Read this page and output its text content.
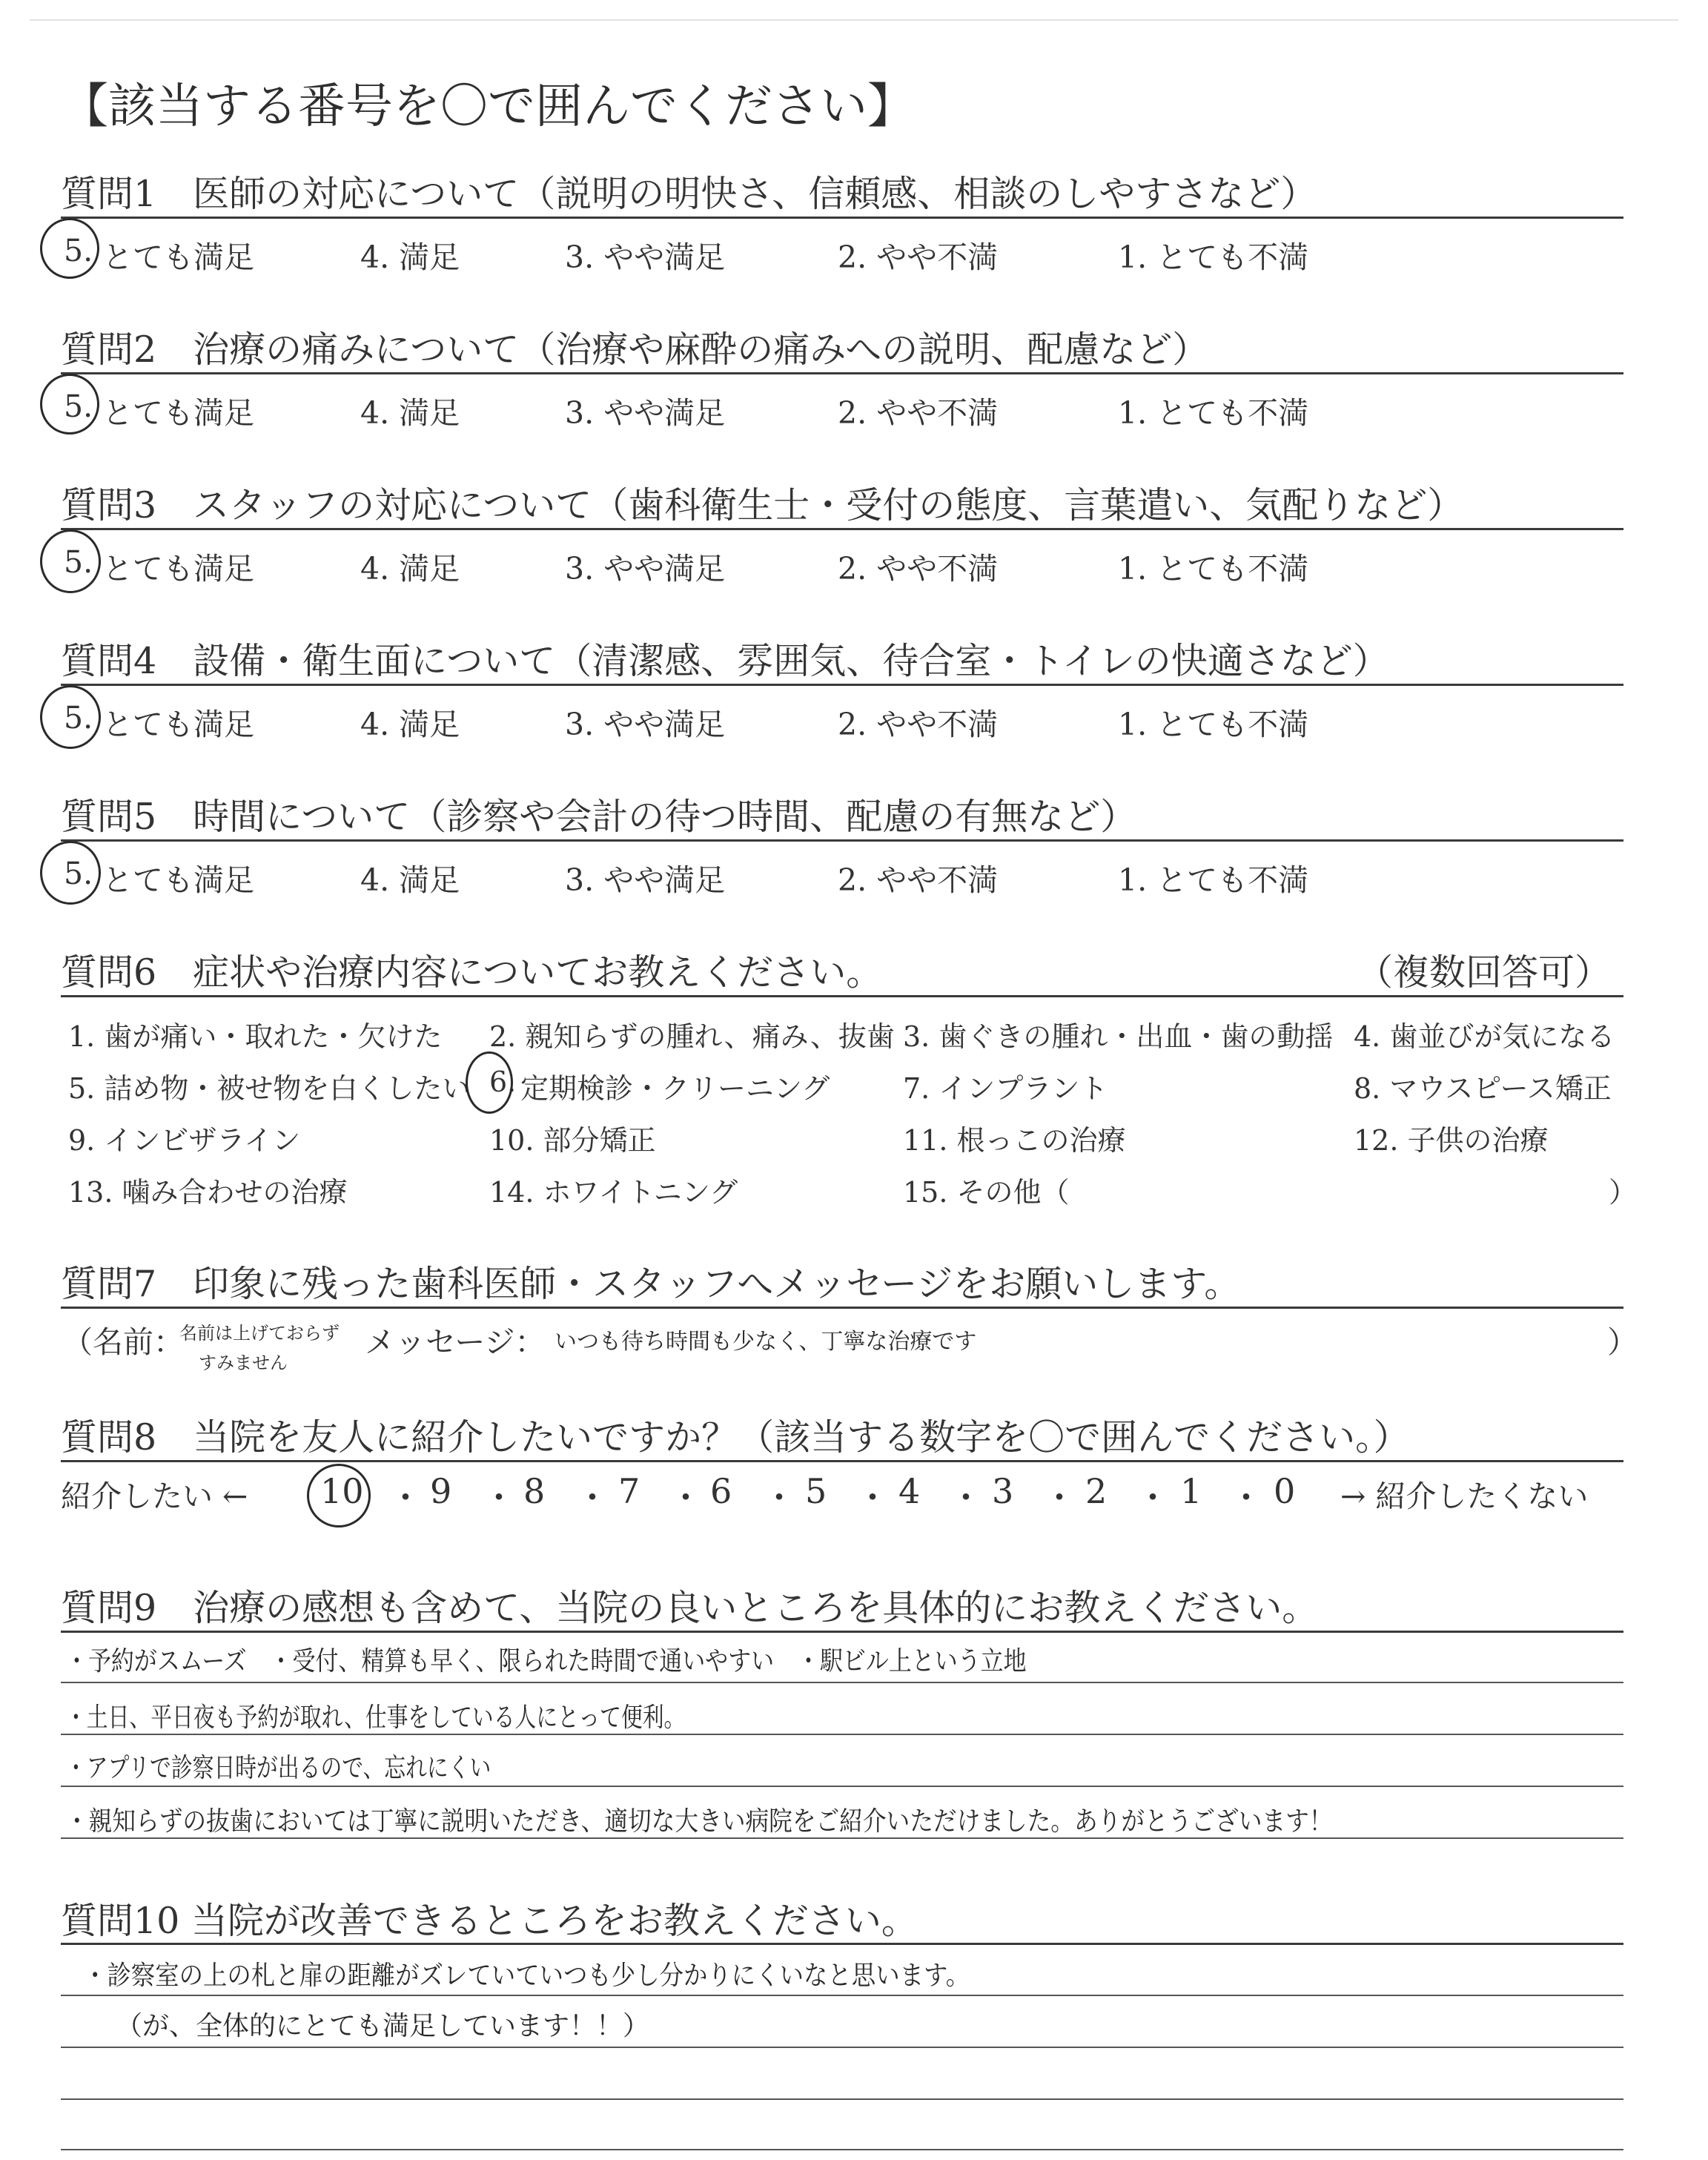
【該当する番号を〇で囲んでください】
質問1　医師の対応について（説明の明快さ、信頼感、相談のしやすさなど）
5. とても満足	4. 満足	3. やや満足	2. やや不満	1. とても不満
質問2　治療の痛みについて（治療や麻酔の痛みへの説明、配慮など）
5. とても満足	4. 満足	3. やや満足	2. やや不満	1. とても不満
質問3　スタッフの対応について（歯科衛生士・受付の態度、言葉遣い、気配りなど）
5. とても満足	4. 満足	3. やや満足	2. やや不満	1. とても不満
質問4　設備・衛生面について（清潔感、雰囲気、待合室・トイレの快適さなど）
5. とても満足	4. 満足	3. やや満足	2. やや不満	1. とても不満
質問5　時間について（診察や会計の待つ時間、配慮の有無など）
5. とても満足	4. 満足	3. やや満足	2. やや不満	1. とても不満
質問6　症状や治療内容についてお教えください。	（複数回答可）
1. 歯が痛い・取れた・欠けた 2. 親知らずの腫れ、痛み、抜歯 3. 歯ぐきの腫れ・出血・歯の動揺 4. 歯並びが気になる
5. 詰め物・被せ物を白くしたい 6. 定期検診・クリーニング	7. インプラント	8. マウスピース矯正
9. インビザライン	10. 部分矯正	11. 根っこの治療	12. 子供の治療
13. 噛み合わせの治療	14. ホワイトニング	15. その他（	）
質問7　印象に残った歯科医師・スタッフへメッセージをお願いします。
（名前：
名前は上げておらず
すみません
メッセージ： いつも待ち時間も少なく、丁寧な治療です	）
質問8　当院を友人に紹介したいですか？（該当する数字を〇で囲んでください。）
紹介したい ← 10 ・ 9 ・ 8 ・ 7 ・ 6 ・ 5 ・ 4 ・ 3 ・ 2 ・ 1 ・ 0 → 紹介したくない
質問9　治療の感想も含めて、当院の良いところを具体的にお教えください。
・予約がスムーズ　・受付、精算も早く、限られた時間で通いやすい　・駅ビル上という立地
・土日、平日夜も予約が取れ、仕事をしている人にとって便利。
・アプリで診察日時が出るので、忘れにくい
・親知らずの抜歯においては丁寧に説明いただき、適切な大きい病院をご紹介いただけました。ありがとうございます！
質問10 当院が改善できるところをお教えください。
・診察室の上の札と扉の距離がズレていていつも少し分かりにくいなと思います。
（が、全体的にとても満足しています！！）
